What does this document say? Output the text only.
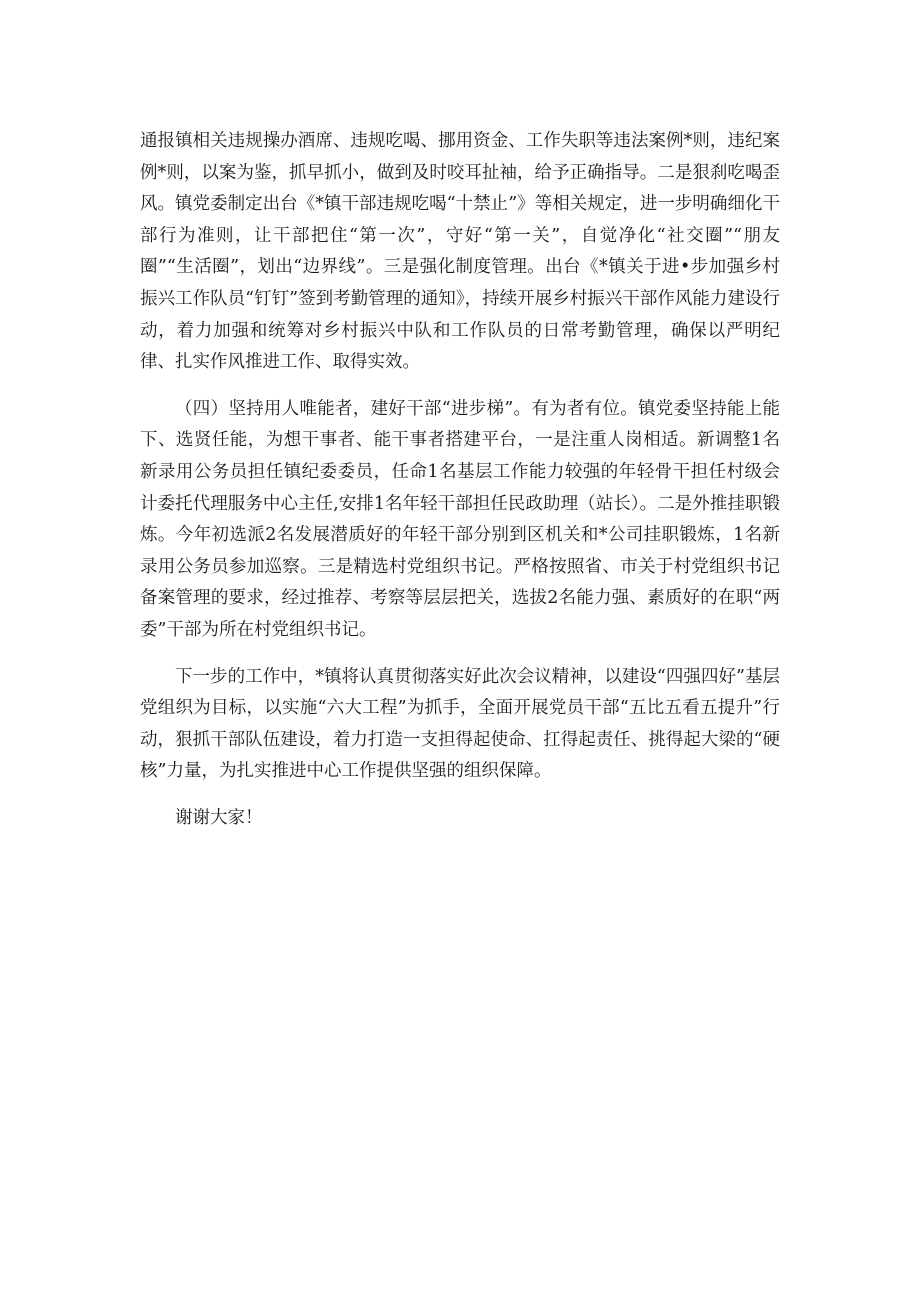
通报镇相关违规操办酒席、违规吃喝、挪用资金、工作失职等违法案例*则，违纪案例*则，以案为鉴，抓早抓小，做到及时咬耳扯袖，给予正确指导。二是狠刹吃喝歪风。镇党委制定出台《*镇干部违规吃喝“十禁止”》等相关规定，进一步明确细化干部行为准则，让干部把住“第一次”，守好“第一关”，自觉净化“社交圈”“朋友圈”“生活圈”，划出“边界线”。三是强化制度管理。出台《*镇关于进•步加强乡村振兴工作队员“钉钉”签到考勤管理的通知》，持续开展乡村振兴干部作风能力建设行动，着力加强和统筹对乡村振兴中队和工作队员的日常考勤管理，确保以严明纪律、扎实作风推进工作、取得实效。

（四）坚持用人唯能者，建好干部“进步梯”。有为者有位。镇党委坚持能上能下、选贤任能，为想干事者、能干事者搭建平台，一是注重人岗相适。新调整1名新录用公务员担任镇纪委委员，任命1名基层工作能力较强的年轻骨干担任村级会计委托代理服务中心主任,安排1名年轻干部担任民政助理（站长）。二是外推挂职锻炼。今年初选派2名发展潜质好的年轻干部分别到区机关和*公司挂职锻炼，1名新录用公务员参加巡察。三是精选村党组织书记。严格按照省、市关于村党组织书记备案管理的要求，经过推荐、考察等层层把关，选拔2名能力强、素质好的在职“两委”干部为所在村党组织书记。

下一步的工作中，*镇将认真贯彻落实好此次会议精神，以建设“四强四好”基层党组织为目标，以实施“六大工程”为抓手，全面开展党员干部“五比五看五提升”行动，狠抓干部队伍建设，着力打造一支担得起使命、扛得起责任、挑得起大梁的“硬核”力量，为扎实推进中心工作提供坚强的组织保障。

谢谢大家！
